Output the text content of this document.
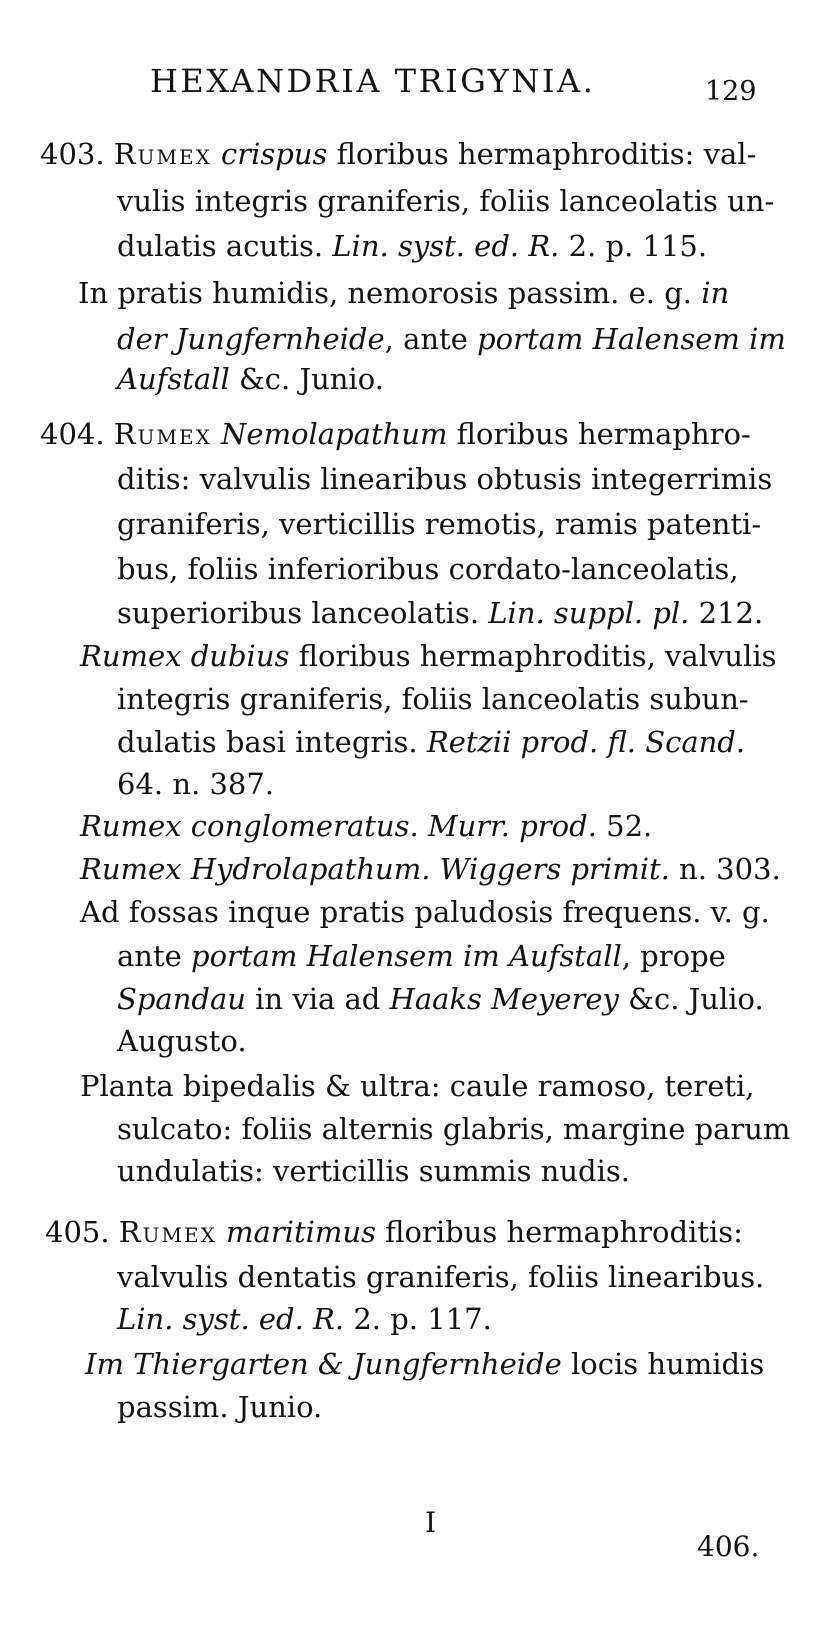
HEXANDRIA TRIGYNIA.	129
403. Rumex crispus floribus hermaphroditis: val-
vulis integris graniferis, foliis lanceolatis un-
dulatis acutis. Lin. syst. ed. R. 2. p. 115.
In pratis humidis, nemorosis passim. e. g. in
der Jungfernheide, ante portam Halensem im
Aufstall &c. Junio.
404. Rumex Nemolapathum floribus hermaphro-
ditis: valvulis linearibus obtusis integerrimis
graniferis, verticillis remotis, ramis patenti-
bus, foliis inferioribus cordato-lanceolatis,
superioribus lanceolatis. Lin. suppl. pl. 212.
Rumex dubius floribus hermaphroditis, valvulis
integris graniferis, foliis lanceolatis subun-
dulatis basi integris. Retzii prod. fl. Scand.
64. n. 387.
Rumex conglomeratus. Murr. prod. 52.
Rumex Hydrolapathum. Wiggers primit. n. 303.
Ad fossas inque pratis paludosis frequens. v. g.
ante portam Halensem im Aufstall, prope
Spandau in via ad Haaks Meyerey &c. Julio.
Augusto.
Planta bipedalis & ultra: caule ramoso, tereti,
sulcato: foliis alternis glabris, margine parum
undulatis: verticillis summis nudis.
405. Rumex maritimus floribus hermaphroditis:
valvulis dentatis graniferis, foliis linearibus.
Lin. syst. ed. R. 2. p. 117.
Im Thiergarten & Jungfernheide locis humidis
passim. Junio.
I
406.
